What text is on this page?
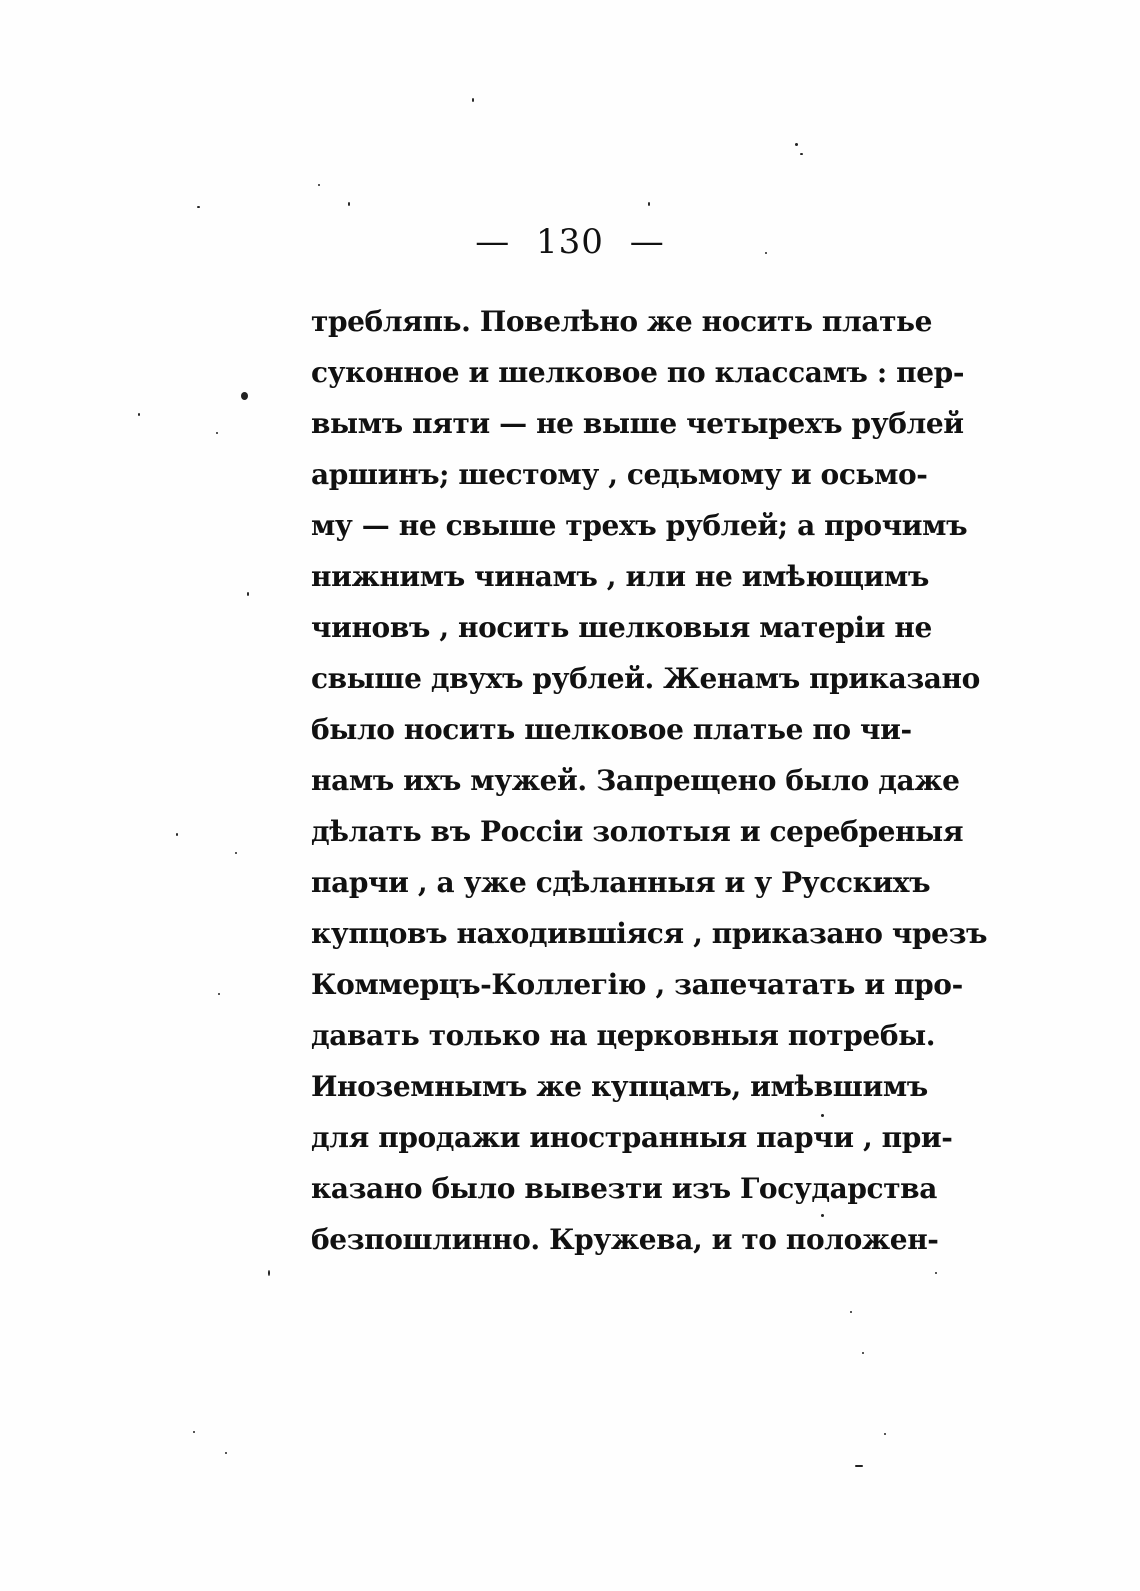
— 130 —
требляпь. Повелѣно же носить платье
суконное и шелковое по классамъ : пер-
вымъ пяти — не выше четырехъ рублей
аршинъ; шестому , седьмому и осьмо-
му — не свыше трехъ рублей; а прочимъ
нижнимъ чинамъ , или не имѣющимъ
чиновъ , носить шелковыя матеріи не
свыше двухъ рублей. Женамъ приказано
было носить шелковое платье по чи-
намъ ихъ мужей. Запрещено было даже
дѣлать въ Россіи золотыя и серебреныя
парчи , а уже сдѣланныя и у Русскихъ
купцовъ находившіяся , приказано чрезъ
Коммерцъ-Коллегію , запечатать и про-
давать только на церковныя потребы.
Иноземнымъ же купцамъ, имѣвшимъ
для продажи иностранныя парчи , при-
казано было вывезти изъ Государства
безпошлинно. Кружева, и то положен-
